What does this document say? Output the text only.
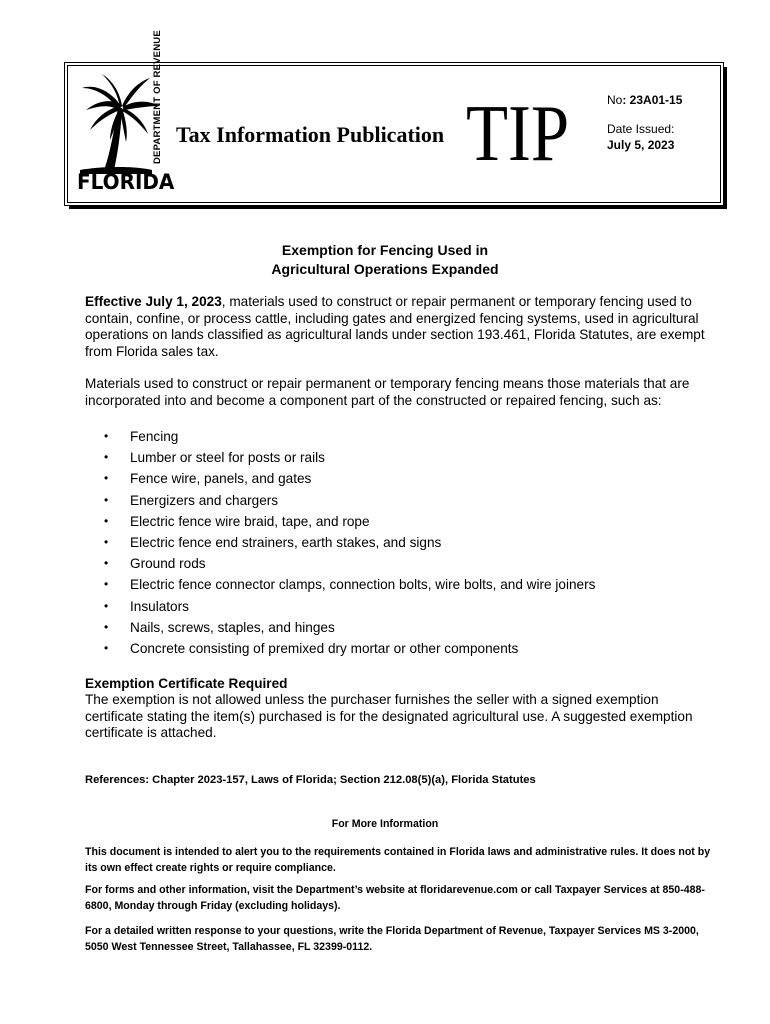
FLORIDA
DEPARTMENT OF REVENUE Tax Information Publication TIP	No: 23A01-15
Date Issued:
July 5, 2023
Exemption for Fencing Used in
Agricultural Operations Expanded
Effective July 1, 2023, materials used to construct or repair permanent or temporary fencing used to contain, confine, or process cattle, including gates and energized fencing systems, used in agricultural operations on lands classified as agricultural lands under section 193.461, Florida Statutes, are exempt from Florida sales tax.
Materials used to construct or repair permanent or temporary fencing means those materials that are incorporated into and become a component part of the constructed or repaired fencing, such as:
• Fencing
• Lumber or steel for posts or rails
• Fence wire, panels, and gates
• Energizers and chargers
• Electric fence wire braid, tape, and rope
• Electric fence end strainers, earth stakes, and signs
• Ground rods
• Electric fence connector clamps, connection bolts, wire bolts, and wire joiners
• Insulators
• Nails, screws, staples, and hinges
• Concrete consisting of premixed dry mortar or other components
Exemption Certificate Required
The exemption is not allowed unless the purchaser furnishes the seller with a signed exemption certificate stating the item(s) purchased is for the designated agricultural use. A suggested exemption certificate is attached.
References: Chapter 2023-157, Laws of Florida; Section 212.08(5)(a), Florida Statutes
For More Information
This document is intended to alert you to the requirements contained in Florida laws and administrative rules. It does not by its own effect create rights or require compliance.
For forms and other information, visit the Department’s website at floridarevenue.com or call Taxpayer Services at 850-488-6800, Monday through Friday (excluding holidays).
For a detailed written response to your questions, write the Florida Department of Revenue, Taxpayer Services MS 3-2000, 5050 West Tennessee Street, Tallahassee, FL 32399-0112.
